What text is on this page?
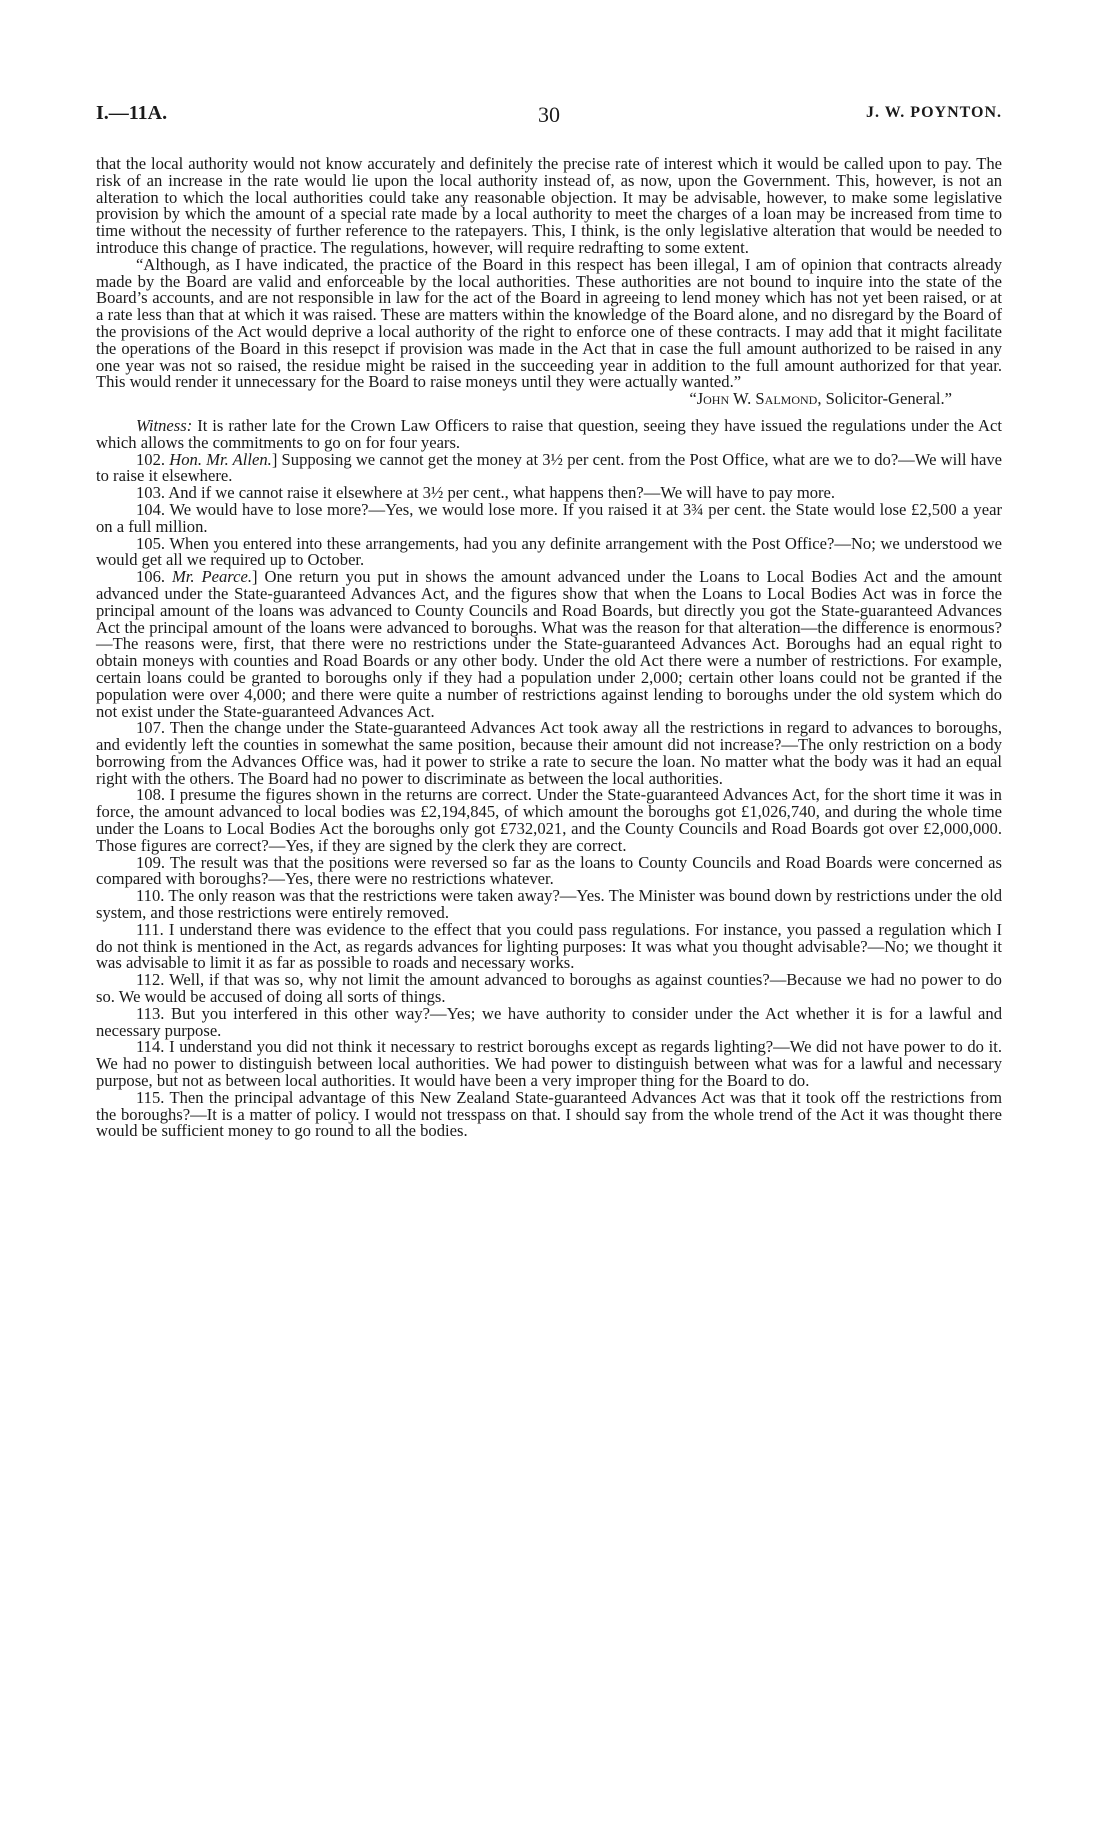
I.—11A.	30	J. W. POYNTON.

that the local authority would not know accurately and definitely the precise rate of interest which it would be called upon to pay. The risk of an increase in the rate would lie upon the local authority instead of, as now, upon the Government. This, however, is not an alteration to which the local authorities could take any reasonable objection. It may be advisable, however, to make some legislative provision by which the amount of a special rate made by a local authority to meet the charges of a loan may be increased from time to time without the necessity of further reference to the ratepayers. This, I think, is the only legislative alteration that would be needed to introduce this change of practice. The regulations, however, will require redrafting to some extent.

“Although, as I have indicated, the practice of the Board in this respect has been illegal, I am of opinion that contracts already made by the Board are valid and enforceable by the local authorities. These authorities are not bound to inquire into the state of the Board’s accounts, and are not responsible in law for the act of the Board in agreeing to lend money which has not yet been raised, or at a rate less than that at which it was raised. These are matters within the knowledge of the Board alone, and no disregard by the Board of the provisions of the Act would deprive a local authority of the right to enforce one of these contracts. I may add that it might facilitate the operations of the Board in this resepct if provision was made in the Act that in case the full amount authorized to be raised in any one year was not so raised, the residue might be raised in the succeeding year in addition to the full amount authorized for that year. This would render it unnecessary for the Board to raise moneys until they were actually wanted.”

“John W. Salmond, Solicitor-General.”

Witness: It is rather late for the Crown Law Officers to raise that question, seeing they have issued the regulations under the Act which allows the commitments to go on for four years.

102. Hon. Mr. Allen.] Supposing we cannot get the money at 3½ per cent. from the Post Office, what are we to do?—We will have to raise it elsewhere.

103. And if we cannot raise it elsewhere at 3½ per cent., what happens then?—We will have to pay more.

104. We would have to lose more?—Yes, we would lose more. If you raised it at 3¾ per cent. the State would lose £2,500 a year on a full million.

105. When you entered into these arrangements, had you any definite arrangement with the Post Office?—No; we understood we would get all we required up to October.

106. Mr. Pearce.] One return you put in shows the amount advanced under the Loans to Local Bodies Act and the amount advanced under the State-guaranteed Advances Act, and the figures show that when the Loans to Local Bodies Act was in force the principal amount of the loans was advanced to County Councils and Road Boards, but directly you got the State-guaranteed Advances Act the principal amount of the loans were advanced to boroughs. What was the reason for that alteration—the difference is enormous?—The reasons were, first, that there were no restrictions under the State-guaranteed Advances Act. Boroughs had an equal right to obtain moneys with counties and Road Boards or any other body. Under the old Act there were a number of restrictions. For example, certain loans could be granted to boroughs only if they had a population under 2,000; certain other loans could not be granted if the population were over 4,000; and there were quite a number of restrictions against lending to boroughs under the old system which do not exist under the State-guaranteed Advances Act.

107. Then the change under the State-guaranteed Advances Act took away all the restrictions in regard to advances to boroughs, and evidently left the counties in somewhat the same position, because their amount did not increase?—The only restriction on a body borrowing from the Advances Office was, had it power to strike a rate to secure the loan. No matter what the body was it had an equal right with the others. The Board had no power to discriminate as between the local authorities.

108. I presume the figures shown in the returns are correct. Under the State-guaranteed Advances Act, for the short time it was in force, the amount advanced to local bodies was £2,194,845, of which amount the boroughs got £1,026,740, and during the whole time under the Loans to Local Bodies Act the boroughs only got £732,021, and the County Councils and Road Boards got over £2,000,000. Those figures are correct?—Yes, if they are signed by the clerk they are correct.

109. The result was that the positions were reversed so far as the loans to County Councils and Road Boards were concerned as compared with boroughs?—Yes, there were no restrictions whatever.

110. The only reason was that the restrictions were taken away?—Yes. The Minister was bound down by restrictions under the old system, and those restrictions were entirely removed.

111. I understand there was evidence to the effect that you could pass regulations. For instance, you passed a regulation which I do not think is mentioned in the Act, as regards advances for lighting purposes: It was what you thought advisable?—No; we thought it was advisable to limit it as far as possible to roads and necessary works.

112. Well, if that was so, why not limit the amount advanced to boroughs as against counties?—Because we had no power to do so. We would be accused of doing all sorts of things.

113. But you interfered in this other way?—Yes; we have authority to consider under the Act whether it is for a lawful and necessary purpose.

114. I understand you did not think it necessary to restrict boroughs except as regards lighting?—We did not have power to do it. We had no power to distinguish between local authorities. We had power to distinguish between what was for a lawful and necessary purpose, but not as between local authorities. It would have been a very improper thing for the Board to do.

115. Then the principal advantage of this New Zealand State-guaranteed Advances Act was that it took off the restrictions from the boroughs?—It is a matter of policy. I would not tresspass on that. I should say from the whole trend of the Act it was thought there would be sufficient money to go round to all the bodies.
